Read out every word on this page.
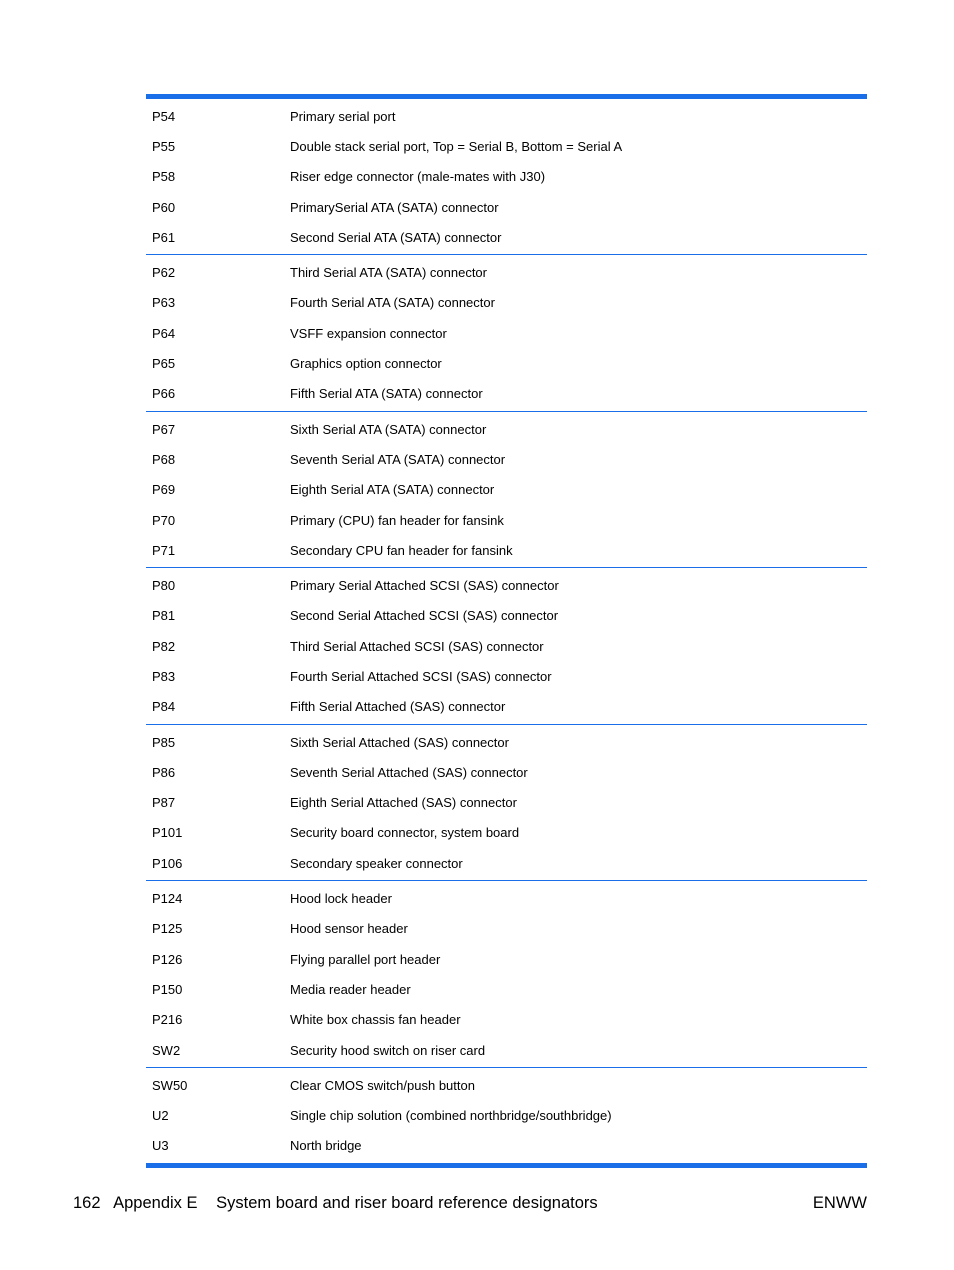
P54	Primary serial port
P55	Double stack serial port, Top = Serial B, Bottom = Serial A
P58	Riser edge connector (male-mates with J30)
P60	PrimarySerial ATA (SATA) connector
P61	Second Serial ATA (SATA) connector
P62	Third Serial ATA (SATA) connector
P63	Fourth Serial ATA (SATA) connector
P64	VSFF expansion connector
P65	Graphics option connector
P66	Fifth Serial ATA (SATA) connector
P67	Sixth Serial ATA (SATA) connector
P68	Seventh Serial ATA (SATA) connector
P69	Eighth Serial ATA (SATA) connector
P70	Primary (CPU) fan header for fansink
P71	Secondary CPU fan header for fansink
P80	Primary Serial Attached SCSI (SAS) connector
P81	Second Serial Attached SCSI (SAS) connector
P82	Third Serial Attached SCSI (SAS) connector
P83	Fourth Serial Attached SCSI (SAS) connector
P84	Fifth Serial Attached (SAS) connector
P85	Sixth Serial Attached (SAS) connector
P86	Seventh Serial Attached (SAS) connector
P87	Eighth Serial Attached (SAS) connector
P101	Security board connector, system board
P106	Secondary speaker connector
P124	Hood lock header
P125	Hood sensor header
P126	Flying parallel port header
P150	Media reader header
P216	White box chassis fan header
SW2	Security hood switch on riser card
SW50	Clear CMOS switch/push button
U2	Single chip solution (combined northbridge/southbridge)
U3	North bridge
162 Appendix E System board and riser board reference designators	ENWW
